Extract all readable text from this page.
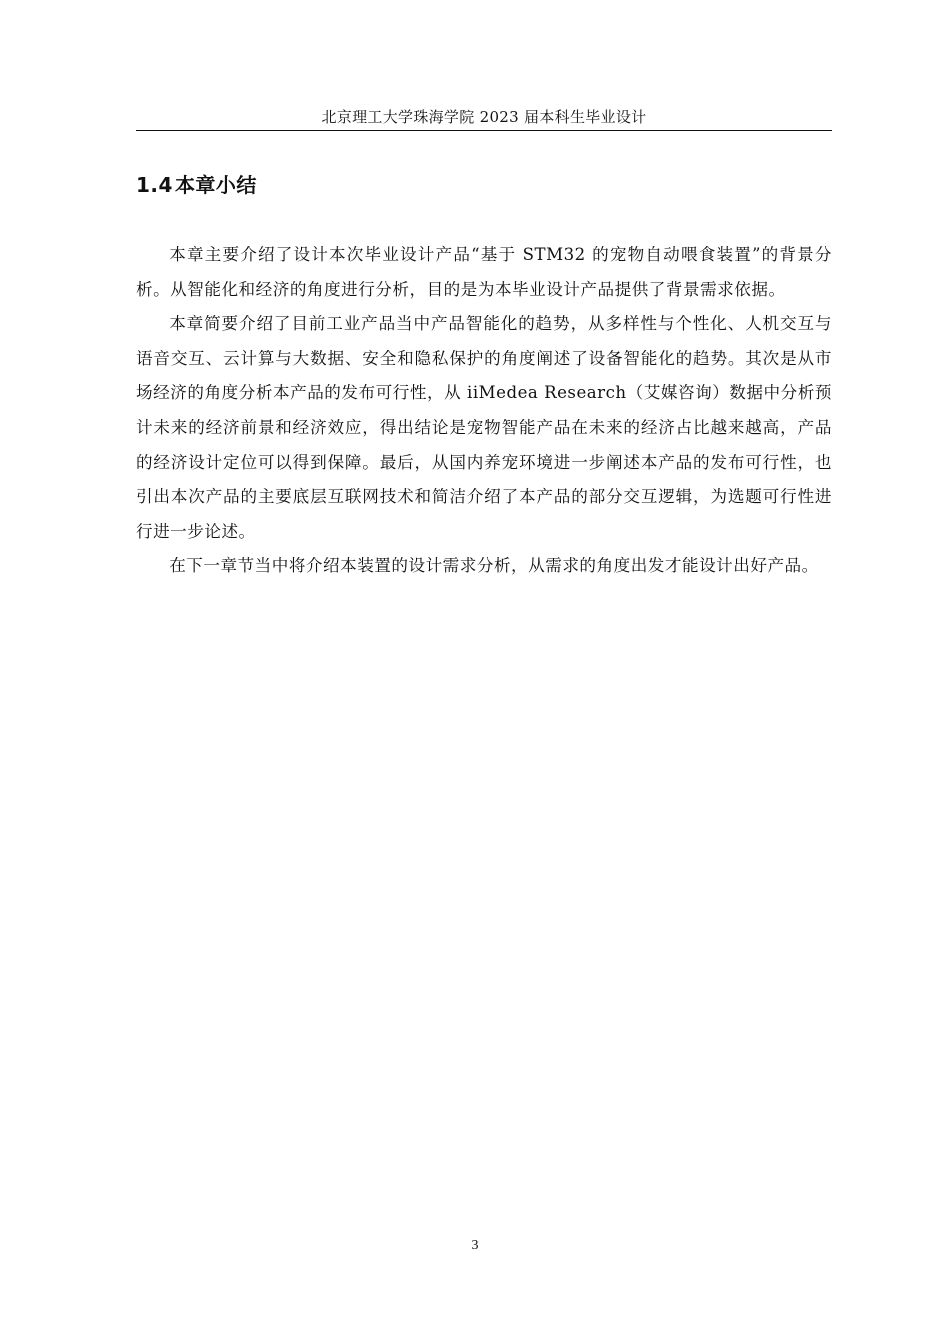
北京理工大学珠海学院 2023 届本科生毕业设计
1.4 本章小结

本章主要介绍了设计本次毕业设计产品“基于 STM32 的宠物自动喂食装置”的背景分析。从智能化和经济的角度进行分析，目的是为本毕业设计产品提供了背景需求依据。

本章简要介绍了目前工业产品当中产品智能化的趋势，从多样性与个性化、人机交互与语音交互、云计算与大数据、安全和隐私保护的角度阐述了设备智能化的趋势。其次是从市场经济的角度分析本产品的发布可行性，从 iiMedea Research（艾媒咨询）数据中分析预计未来的经济前景和经济效应，得出结论是宠物智能产品在未来的经济占比越来越高，产品的经济设计定位可以得到保障。最后，从国内养宠环境进一步阐述本产品的发布可行性，也引出本次产品的主要底层互联网技术和简洁介绍了本产品的部分交互逻辑，为选题可行性进行进一步论述。

在下一章节当中将介绍本装置的设计需求分析，从需求的角度出发才能设计出好产品。

3
